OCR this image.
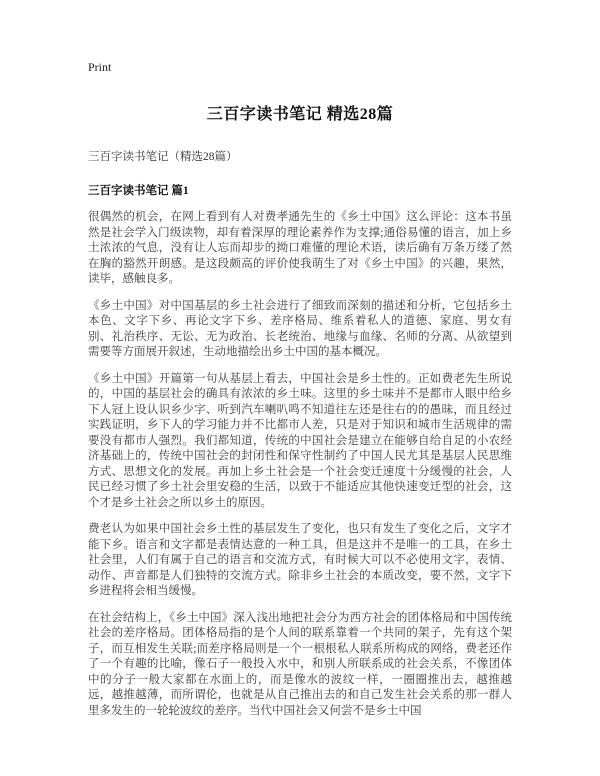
Print
三百字读书笔记 精选28篇
三百字读书笔记（精选28篇）
三百字读书笔记 篇1

很偶然的机会，在网上看到有人对费孝通先生的《乡土中国》这么评论：这本书虽然是社会学入门级读物，却有着深厚的理论素养作为支撑;通俗易懂的语言，加上乡土浓浓的气息，没有让人忘而却步的拗口难懂的理论术语，读后确有万条万缕了然在胸的豁然开朗感。是这段颇高的评价使我萌生了对《乡土中国》的兴趣，果然，读毕，感触良多。

《乡土中国》对中国基层的乡土社会进行了细致而深刻的描述和分析，它包括乡土本色、文字下乡、再论文字下乡、差序格局、维系着私人的道德、家庭、男女有别、礼治秩序、无讼、无为政治、长老统治、地缘与血缘、名师的分离、从欲望到需要等方面展开叙述，生动地描绘出乡土中国的基本概况。

《乡土中国》开篇第一句从基层上看去，中国社会是乡土性的。正如费老先生所说的，中国的基层社会的确具有浓浓的乡土味。这里的乡土味并不是都市人眼中给乡下人冠上设认识乡少字、听到汽车喇叭鸣不知道往左还是往右的的愚昧，而且经过实践证明，乡下人的学习能力并不比都市人差，只是对于知识和城市生活规律的需要没有都市人强烈。我们都知道，传统的中国社会是建立在能够自给自足的小农经济基础上的，传统中国社会的封闭性和保守性制约了中国人民尤其是基层人民思维方式、思想文化的发展。再加上乡土社会是一个社会变迁速度十分缓慢的社会，人民已经习惯了乡土社会里安稳的生活，以致于不能适应其他快速变迁型的社会，这个才是乡土社会之所以乡土的原因。

费老认为如果中国社会乡土性的基层发生了变化，也只有发生了变化之后，文字才能下乡。语言和文字都是表情达意的一种工具，但是这并不是唯一的工具，在乡土社会里，人们有属于自己的语言和交流方式，有时候大可以不必使用文字，表情、动作、声音都是人们独特的交流方式。除非乡土社会的本质改变，要不然，文字下乡进程将会相当缓慢。

在社会结构上，《乡土中国》深入浅出地把社会分为西方社会的团体格局和中国传统社会的差序格局。团体格局指的是个人间的联系靠着一个共同的架子，先有这个架子，而互相发生关联;而差序格局则是一个一根根私人联系所构成的网络，费老还作了一个有趣的比喻，像石子一般投入水中，和别人所联系成的社会关系，不像团体中的分子一般大家都在水面上的，而是像水的波纹一样，一圈圈推出去，越推越远，越推越薄，而所谓伦，也就是从自己推出去的和自己发生社会关系的那一群人里多发生的一轮轮波纹的差序。当代中国社会又何尝不是乡土中国
